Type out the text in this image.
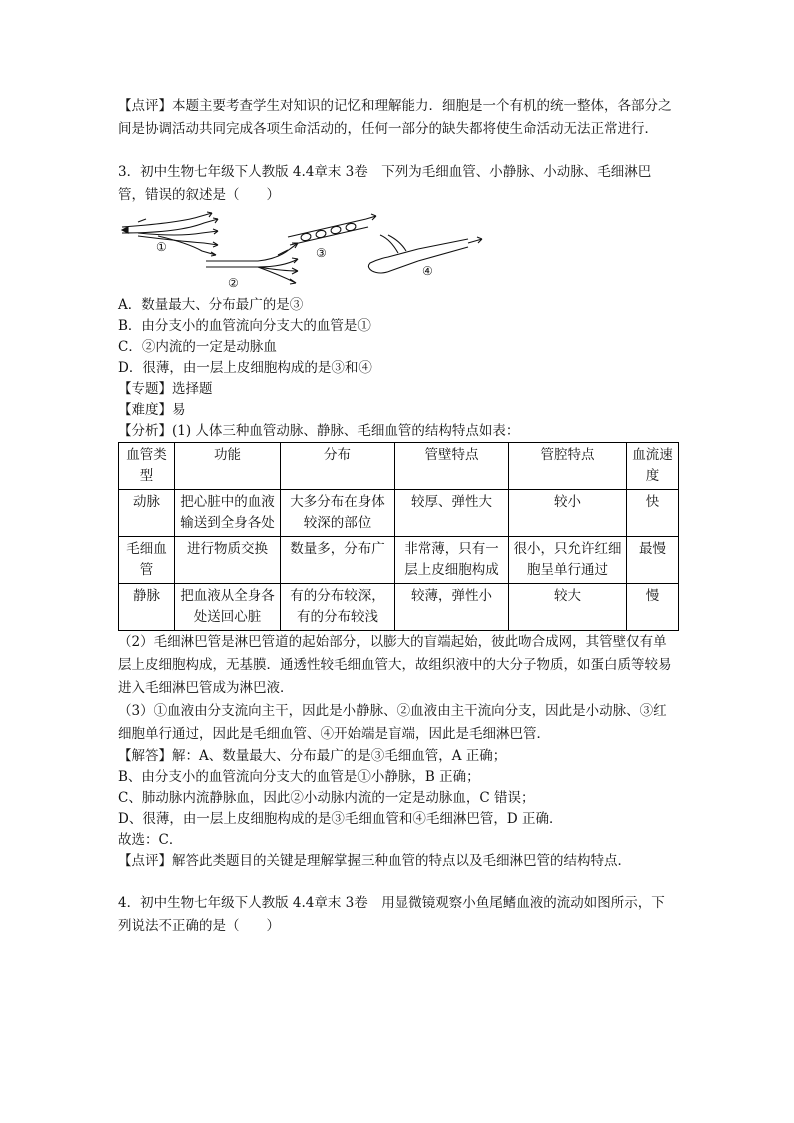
【点评】本题主要考查学生对知识的记忆和理解能力．细胞是一个有机的统一整体，各部分之间是协调活动共同完成各项生命活动的，任何一部分的缺失都将使生命活动无法正常进行．

3．初中生物七年级下人教版 4.4章末 3卷　下列为毛细血管、小静脉、小动脉、毛细淋巴管，错误的叙述是（　　）

①
②
③
④

A．数量最大、分布最广的是③

B．由分支小的血管流向分支大的血管是①

C．②内流的一定是动脉血

D．很薄，由一层上皮细胞构成的是③和④

【专题】选择题

【难度】易

【分析】(1) 人体三种血管动脉、静脉、毛细血管的结构特点如表：

血管类型	功能	分布	管壁特点	管腔特点	血流速度
动脉	把心脏中的血液输送到全身各处	大多分布在身体较深的部位	较厚、弹性大	较小	快
毛细血管	进行物质交换	数量多，分布广	非常薄，只有一层上皮细胞构成	很小，只允许红细胞呈单行通过	最慢
静脉	把血液从全身各处送回心脏	有的分布较深，有的分布较浅	较薄，弹性小	较大	慢

（2）毛细淋巴管是淋巴管道的起始部分，以膨大的盲端起始，彼此吻合成网，其管壁仅有单层上皮细胞构成，无基膜．通透性较毛细血管大，故组织液中的大分子物质，如蛋白质等较易进入毛细淋巴管成为淋巴液．

（3）①血液由分支流向主干，因此是小静脉、②血液由主干流向分支，因此是小动脉、③红细胞单行通过，因此是毛细血管、④开始端是盲端，因此是毛细淋巴管．

【解答】解：A、数量最大、分布最广的是③毛细血管，A 正确；

B、由分支小的血管流向分支大的血管是①小静脉，B 正确；

C、肺动脉内流静脉血，因此②小动脉内流的一定是动脉血，C 错误；

D、很薄，由一层上皮细胞构成的是③毛细血管和④毛细淋巴管，D 正确．

故选：C．

【点评】解答此类题目的关键是理解掌握三种血管的特点以及毛细淋巴管的结构特点．

4．初中生物七年级下人教版 4.4章末 3卷　用显微镜观察小鱼尾鳍血液的流动如图所示，下列说法不正确的是（　　）
